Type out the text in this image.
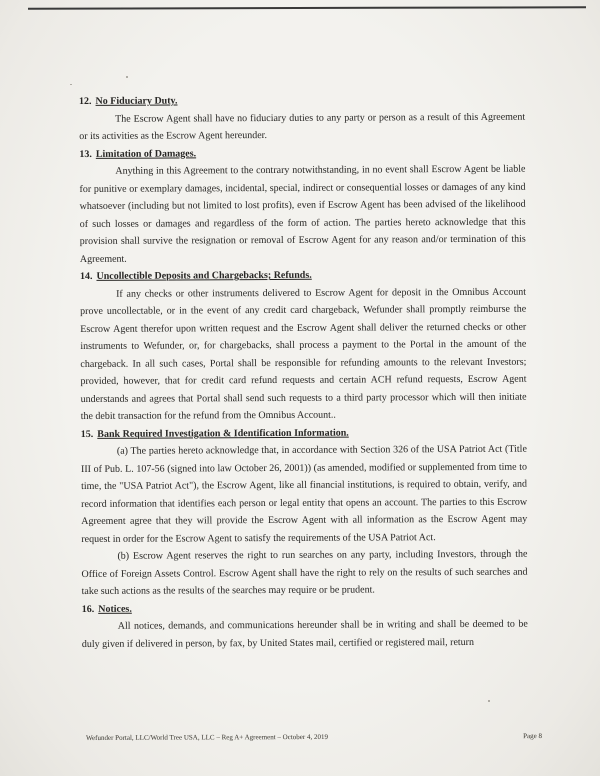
12. No Fiduciary Duty.

The Escrow Agent shall have no fiduciary duties to any party or person as a result of this Agreement or its activities as the Escrow Agent hereunder.

13. Limitation of Damages.

Anything in this Agreement to the contrary notwithstanding, in no event shall Escrow Agent be liable for punitive or exemplary damages, incidental, special, indirect or consequential losses or damages of any kind whatsoever (including but not limited to lost profits), even if Escrow Agent has been advised of the likelihood of such losses or damages and regardless of the form of action. The parties hereto acknowledge that this provision shall survive the resignation or removal of Escrow Agent for any reason and/or termination of this Agreement.

14. Uncollectible Deposits and Chargebacks; Refunds.

If any checks or other instruments delivered to Escrow Agent for deposit in the Omnibus Account prove uncollectable, or in the event of any credit card chargeback, Wefunder shall promptly reimburse the Escrow Agent therefor upon written request and the Escrow Agent shall deliver the returned checks or other instruments to Wefunder, or, for chargebacks, shall process a payment to the Portal in the amount of the chargeback. In all such cases, Portal shall be responsible for refunding amounts to the relevant Investors; provided, however, that for credit card refund requests and certain ACH refund requests, Escrow Agent understands and agrees that Portal shall send such requests to a third party processor which will then initiate the debit transaction for the refund from the Omnibus Account..

15. Bank Required Investigation & Identification Information.

(a) The parties hereto acknowledge that, in accordance with Section 326 of the USA Patriot Act (Title III of Pub. L. 107-56 (signed into law October 26, 2001)) (as amended, modified or supplemented from time to time, the "USA Patriot Act"), the Escrow Agent, like all financial institutions, is required to obtain, verify, and record information that identifies each person or legal entity that opens an account. The parties to this Escrow Agreement agree that they will provide the Escrow Agent with all information as the Escrow Agent may request in order for the Escrow Agent to satisfy the requirements of the USA Patriot Act.

(b) Escrow Agent reserves the right to run searches on any party, including Investors, through the Office of Foreign Assets Control. Escrow Agent shall have the right to rely on the results of such searches and take such actions as the results of the searches may require or be prudent.

16. Notices.

All notices, demands, and communications hereunder shall be in writing and shall be deemed to be duly given if delivered in person, by fax, by United States mail, certified or registered mail, return

Wefunder Portal, LLC/World Tree USA, LLC – Reg A+ Agreement – October 4, 2019	Page 8
